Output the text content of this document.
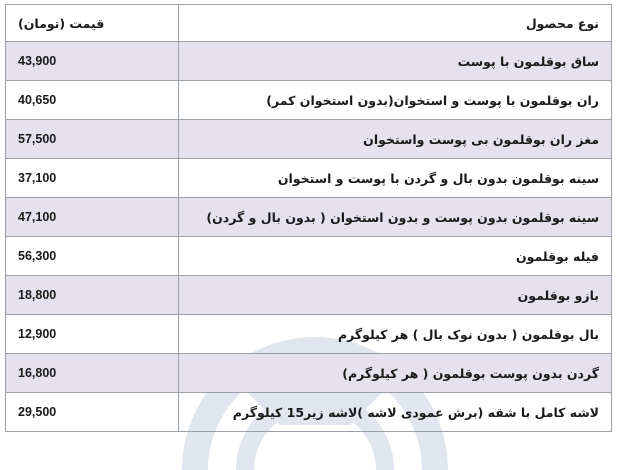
نوع محصول	قیمت (تومان)
ساق بوقلمون با پوست	43,900
ران بوقلمون با پوست و استخوان(بدون استخوان کمر)	40,650
مغز ران بوقلمون بی پوست واستخوان	57,500
سینه بوقلمون بدون بال و گردن با پوست و استخوان	37,100
سینه بوقلمون بدون پوست و بدون استخوان ( بدون بال و گردن)	47,100
فیله بوقلمون	56,300
بازو بوقلمون	18,800
بال بوقلمون ( بدون نوک بال ) هر کیلوگرم	12,900
گردن بدون پوست بوقلمون ( هر کیلوگرم)	16,800
لاشه کامل با شقه (برش عمودی لاشه )لاشه زیر15 کیلوگرم	29,500
